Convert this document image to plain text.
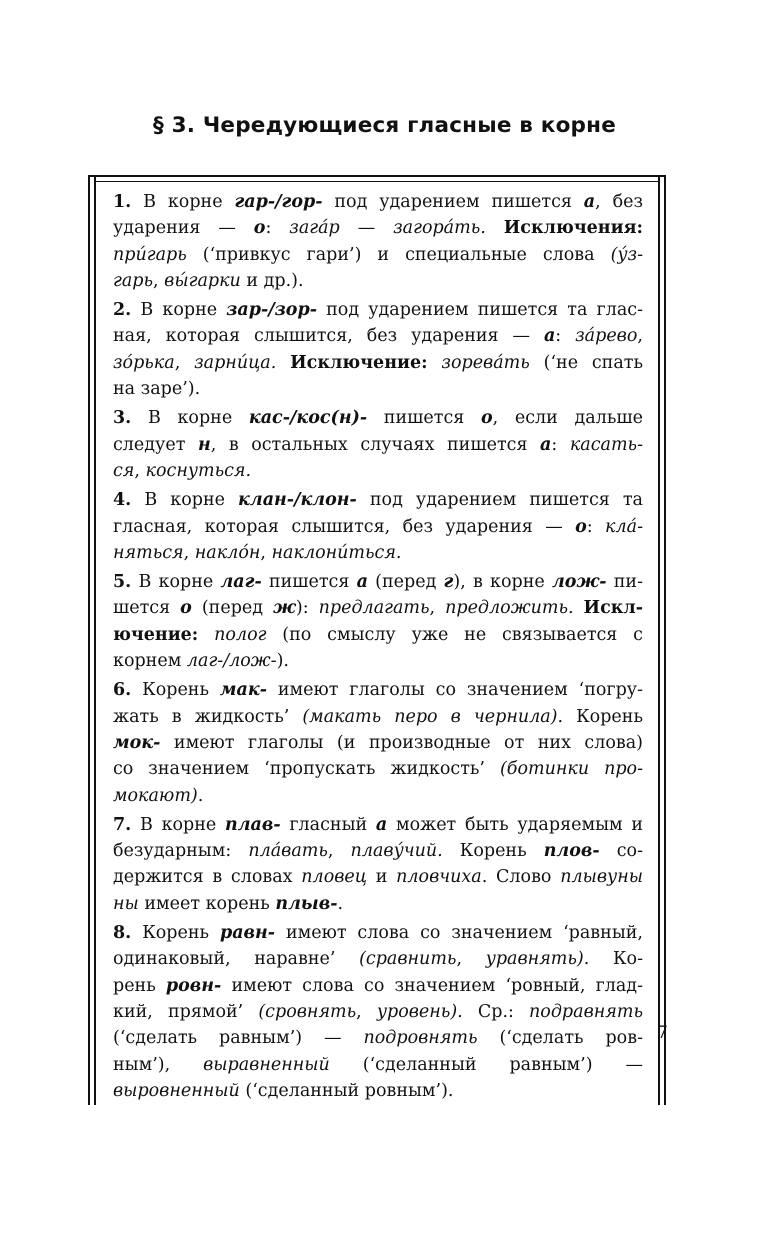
§ 3. Чередующиеся гласные в корне
1. В корне гар-/гор- под ударением пишется а, без
ударения — о: зага́р — загора́ть. Исключения:
при́гарь (‘привкус гари’) и специальные слова (у́з-
гарь, вы́гарки и др.).
2. В корне зар-/зор- под ударением пишется та глас-
ная, которая слышится, без ударения — а: за́рево,
зо́рька, зарни́ца. Исключение: зорева́ть (‘не спать
на заре’).
3. В корне кас-/кос(н)- пишется о, если дальше
следует н, в остальных случаях пишется а: касать-
ся, коснуться.
4. В корне клан-/клон- под ударением пишется та
гласная, которая слышится, без ударения — о: кла́-
няться, накло́н, наклони́ться.
5. В корне лаг- пишется а (перед г), в корне лож- пи-
шется о (перед ж): предлагать, предложить. Искл-
ючение: полог (по смыслу уже не связывается с
корнем лаг-/лож-).
6. Корень мак- имеют глаголы со значением ‘погру-
жать в жидкость’ (макать перо в чернила). Корень
мок- имеют глаголы (и производные от них слова)
со значением ‘пропускать жидкость’ (ботинки про-
мокают).
7. В корне плав- гласный а может быть ударяемым и
безударным: пла́вать, плаву́чий. Корень плов- со-
держится в словах пловец и пловчиха. Слово плывуны
ны имеет корень плыв-.
8. Корень равн- имеют слова со значением ‘равный,
одинаковый, наравне’ (сравнить, уравнять). Ко-
рень ровн- имеют слова со значением ‘ровный, глад-
кий, прямой’ (сровнять, уровень). Ср.: подравнять
(‘сделать равным’) — подровнять (‘сделать ров-
ным’), выравненный (‘сделанный равным’) —
выровненный (‘сделанный ровным’).
7
